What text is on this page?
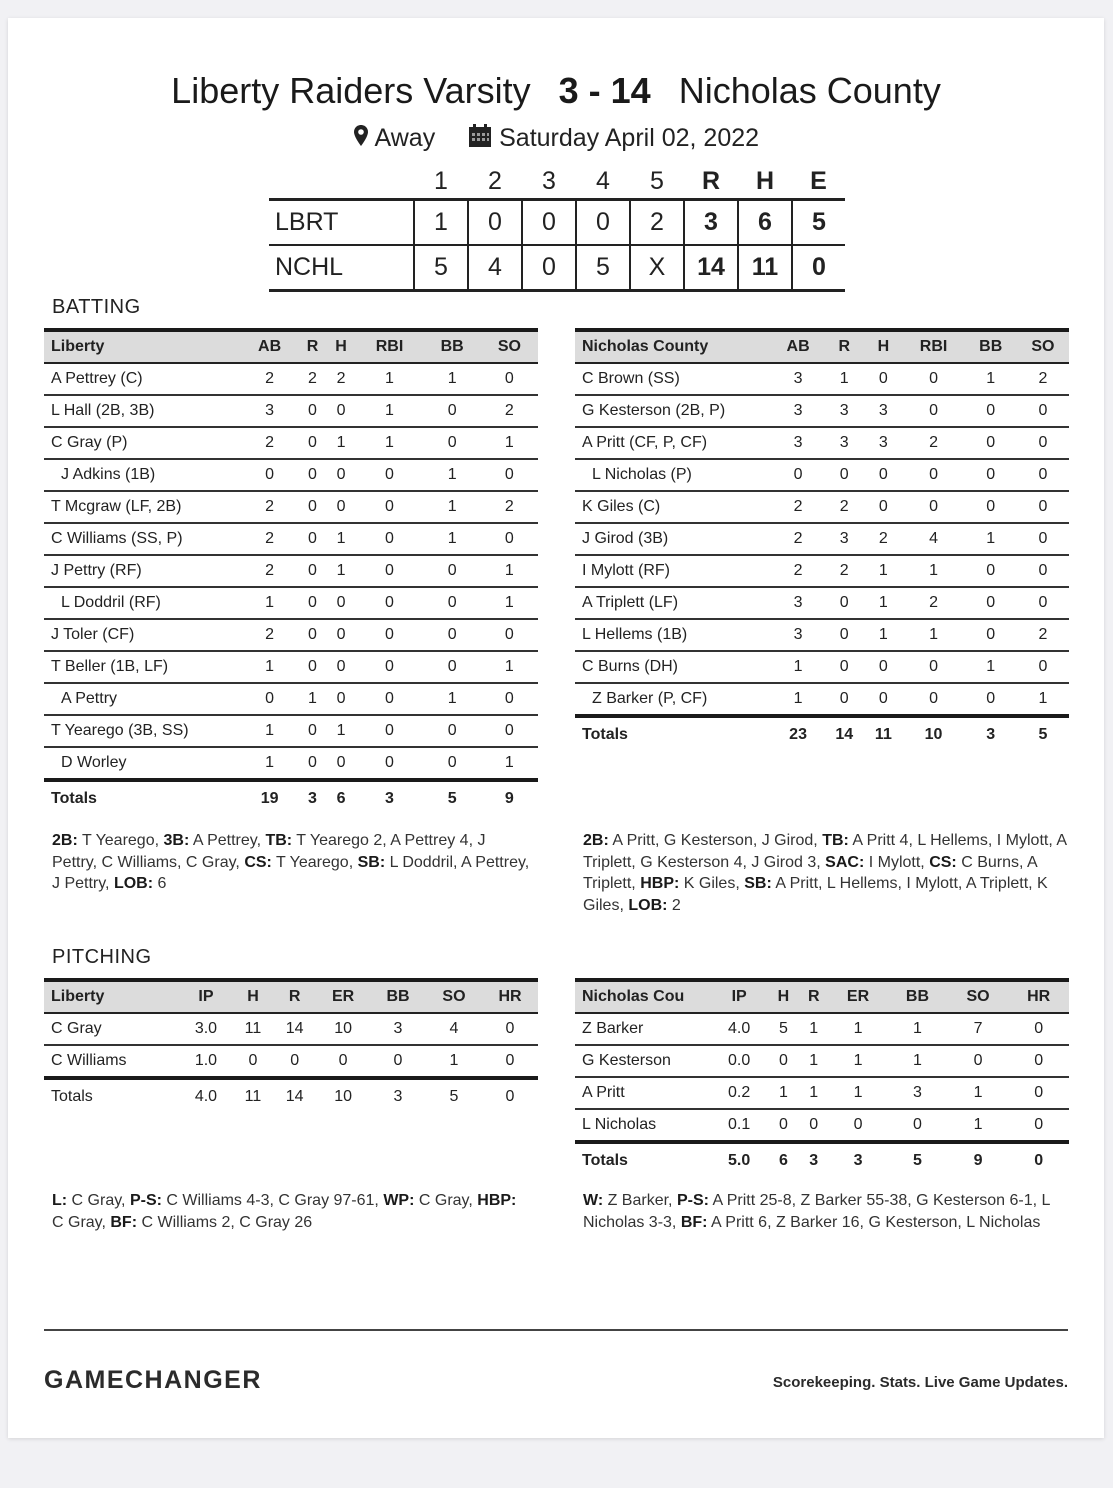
Liberty Raiders Varsity 3 - 14 Nicholas County
Away	Saturday April 02, 2022
	1	2	3	4	5	R	H	E
LBRT	1	0	0	0	2	3	6	5
NCHL	5	4	0	5	X	14	11	0
BATTING
Liberty	AB	R	H	RBI	BB	SO
A Pettrey (C)	2	2	2	1	1	0
L Hall (2B, 3B)	3	0	0	1	0	2
C Gray (P)	2	0	1	1	0	1
J Adkins (1B)	0	0	0	0	1	0
T Mcgraw (LF, 2B)	2	0	0	0	1	2
C Williams (SS, P)	2	0	1	0	1	0
J Pettry (RF)	2	0	1	0	0	1
L Doddril (RF)	1	0	0	0	0	1
J Toler (CF)	2	0	0	0	0	0
T Beller (1B, LF)	1	0	0	0	0	1
A Pettry	0	1	0	0	1	0
T Yearego (3B, SS)	1	0	1	0	0	0
D Worley	1	0	0	0	0	1
Totals	19	3	6	3	5	9
Nicholas County	AB	R	H	RBI	BB	SO
C Brown (SS)	3	1	0	0	1	2
G Kesterson (2B, P)	3	3	3	0	0	0
A Pritt (CF, P, CF)	3	3	3	2	0	0
L Nicholas (P)	0	0	0	0	0	0
K Giles (C)	2	2	0	0	0	0
J Girod (3B)	2	3	2	4	1	0
I Mylott (RF)	2	2	1	1	0	0
A Triplett (LF)	3	0	1	2	0	0
L Hellems (1B)	3	0	1	1	0	2
C Burns (DH)	1	0	0	0	1	0
Z Barker (P, CF)	1	0	0	0	0	1
Totals	23	14	11	10	3	5
2B: T Yearego, 3B: A Pettrey, TB: T Yearego 2, A Pettrey 4, J Pettry, C Williams, C Gray, CS: T Yearego, SB: L Doddril, A Pettrey, J Pettry, LOB: 6
2B: A Pritt, G Kesterson, J Girod, TB: A Pritt 4, L Hellems, I Mylott, A Triplett, G Kesterson 4, J Girod 3, SAC: I Mylott, CS: C Burns, A Triplett, HBP: K Giles, SB: A Pritt, L Hellems, I Mylott, A Triplett, K Giles, LOB: 2
PITCHING
Liberty	IP	H	R	ER	BB	SO	HR
C Gray	3.0	11	14	10	3	4	0
C Williams	1.0	0	0	0	0	1	0
Totals	4.0	11	14	10	3	5	0
Nicholas Cou	IP	H	R	ER	BB	SO	HR
Z Barker	4.0	5	1	1	1	7	0
G Kesterson	0.0	0	1	1	1	0	0
A Pritt	0.2	1	1	1	3	1	0
L Nicholas	0.1	0	0	0	0	1	0
Totals	5.0	6	3	3	5	9	0
L: C Gray, P-S: C Williams 4-3, C Gray 97-61, WP: C Gray, HBP: C Gray, BF: C Williams 2, C Gray 26
W: Z Barker, P-S: A Pritt 25-8, Z Barker 55-38, G Kesterson 6-1, L Nicholas 3-3, BF: A Pritt 6, Z Barker 16, G Kesterson, L Nicholas
GAMECHANGER	Scorekeeping. Stats. Live Game Updates.
